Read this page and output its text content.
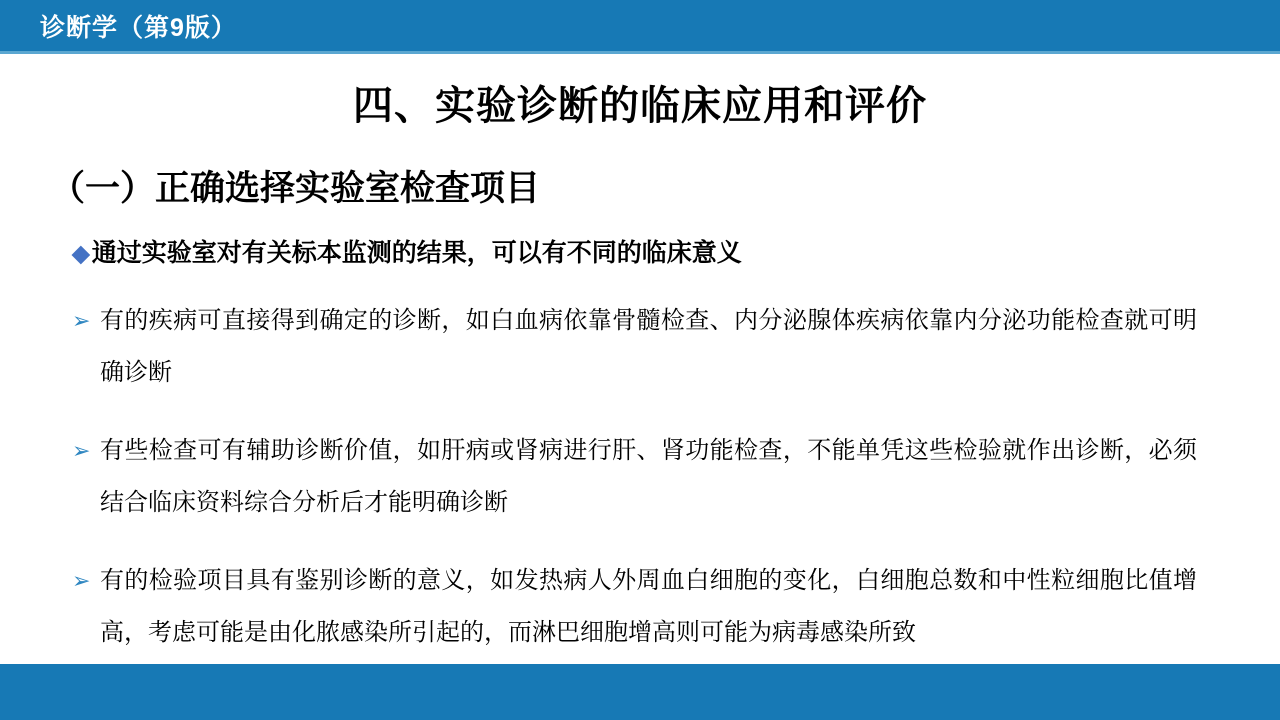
诊断学（第9版）
四、实验诊断的临床应用和评价
（一）正确选择实验室检查项目
◆通过实验室对有关标本监测的结果，可以有不同的临床意义
➢ 有的疾病可直接得到确定的诊断，如白血病依靠骨髓检查、内分泌腺体疾病依靠内分泌功能检查就可明确诊断
➢ 有些检查可有辅助诊断价值，如肝病或肾病进行肝、肾功能检查，不能单凭这些检验就作出诊断，必须结合临床资料综合分析后才能明确诊断
➢ 有的检验项目具有鉴别诊断的意义，如发热病人外周血白细胞的变化，白细胞总数和中性粒细胞比值增高，考虑可能是由化脓感染所引起的，而淋巴细胞增高则可能为病毒感染所致
